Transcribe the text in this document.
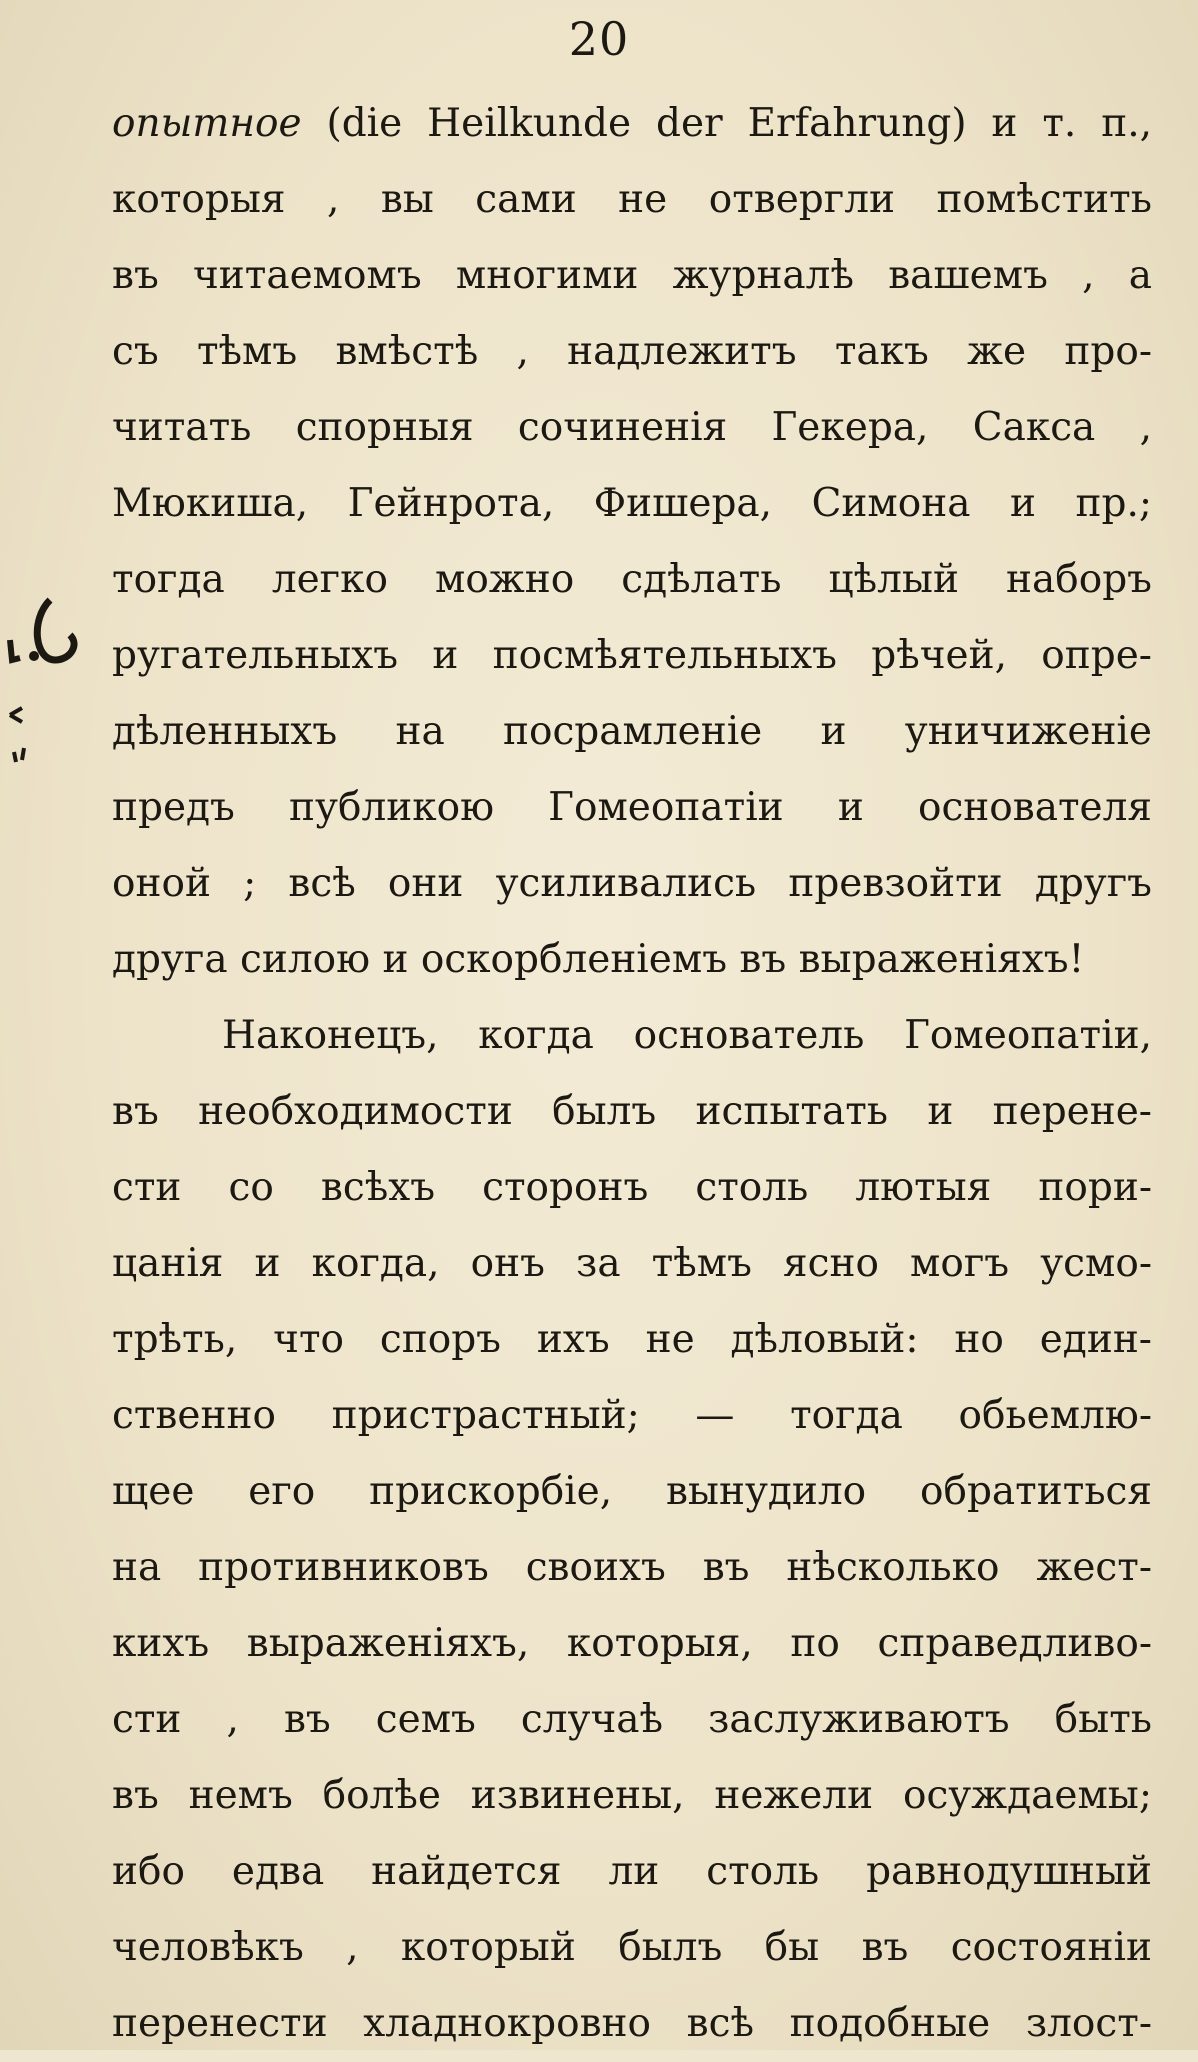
20
опытное (die Heilkunde der Erfahrung) и т. п.,
которыя , вы сами не отвергли помѣстить
въ читаемомъ многими журналѣ вашемъ , а
съ тѣмъ вмѣстѣ , надлежитъ такъ же про-
читать спорныя сочиненія Гекера, Сакса ,
Мюкиша, Гейнрота, Фишера, Симона и пр.;
тогда легко можно сдѣлать цѣлый наборъ
ругательныхъ и посмѣятельныхъ рѣчей, опре-
дѣленныхъ на посрамленіе и уничиженіе
предъ публикою Гомеопатіи и основателя
оной ; всѣ они усиливались превзойти другъ
друга силою и оскорбленіемъ въ выраженіяхъ!
Наконецъ, когда основатель Гомеопатіи,
въ необходимости былъ испытать и перене-
сти со всѣхъ сторонъ столь лютыя пори-
цанія и когда, онъ за тѣмъ ясно могъ усмо-
трѣть, что споръ ихъ не дѣловый: но един-
ственно пристрастный; — тогда обьемлю-
щее его прискорбіе, вынудило обратиться
на противниковъ своихъ въ нѣсколько жест-
кихъ выраженіяхъ, которыя, по справедливо-
сти , въ семъ случаѣ заслуживаютъ быть
въ немъ болѣе извинены, нежели осуждаемы;
ибо едва найдется ли столь равнодушный
человѣкъ , который былъ бы въ состояніи
перенести хладнокровно всѣ подобные злост-
